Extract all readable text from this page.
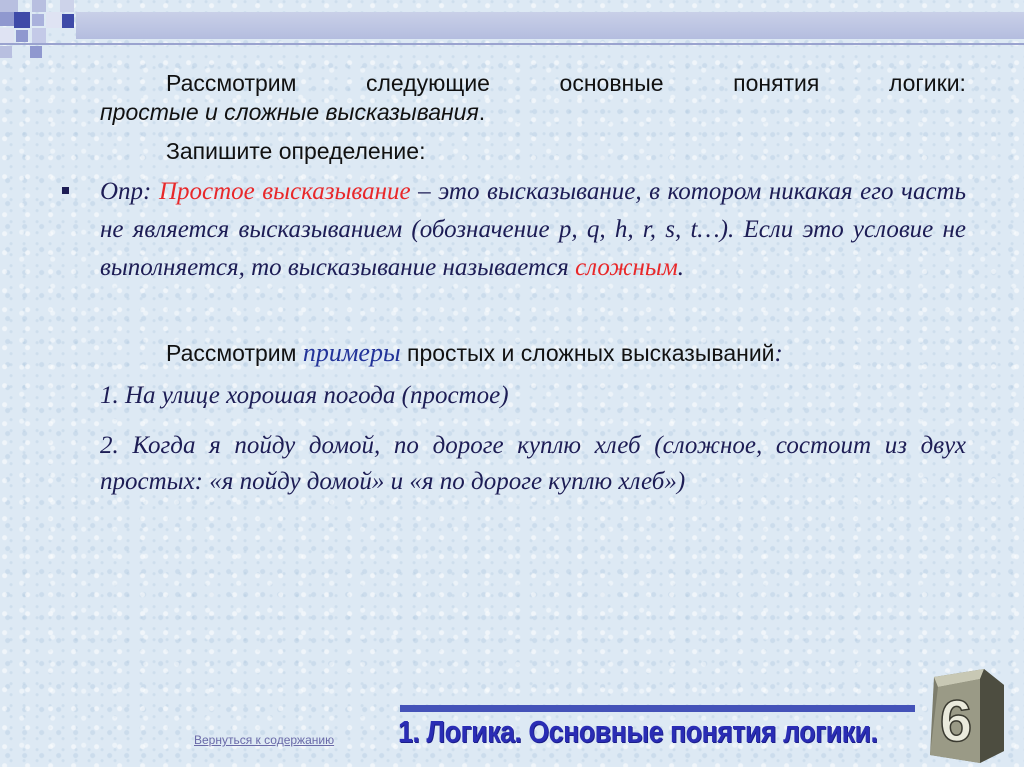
Рассмотрим	следующие	основные	понятия	логики:
простые и сложные высказывания.
Запишите определение:
Опр: Простое высказывание – это высказывание, в котором никакая его часть не является высказыванием (обозначение p, q, h, r, s, t…). Если это условие не выполняется, то высказывание называется сложным.
Рассмотрим примеры простых и сложных высказываний:
1. На улице хорошая погода (простое)
2. Когда я пойду домой, по дороге куплю хлеб (сложное, состоит из двух простых: «я пойду домой» и «я по дороге куплю хлеб»)
Вернуться к содержанию 1. Логика. Основные понятия логики. 6
